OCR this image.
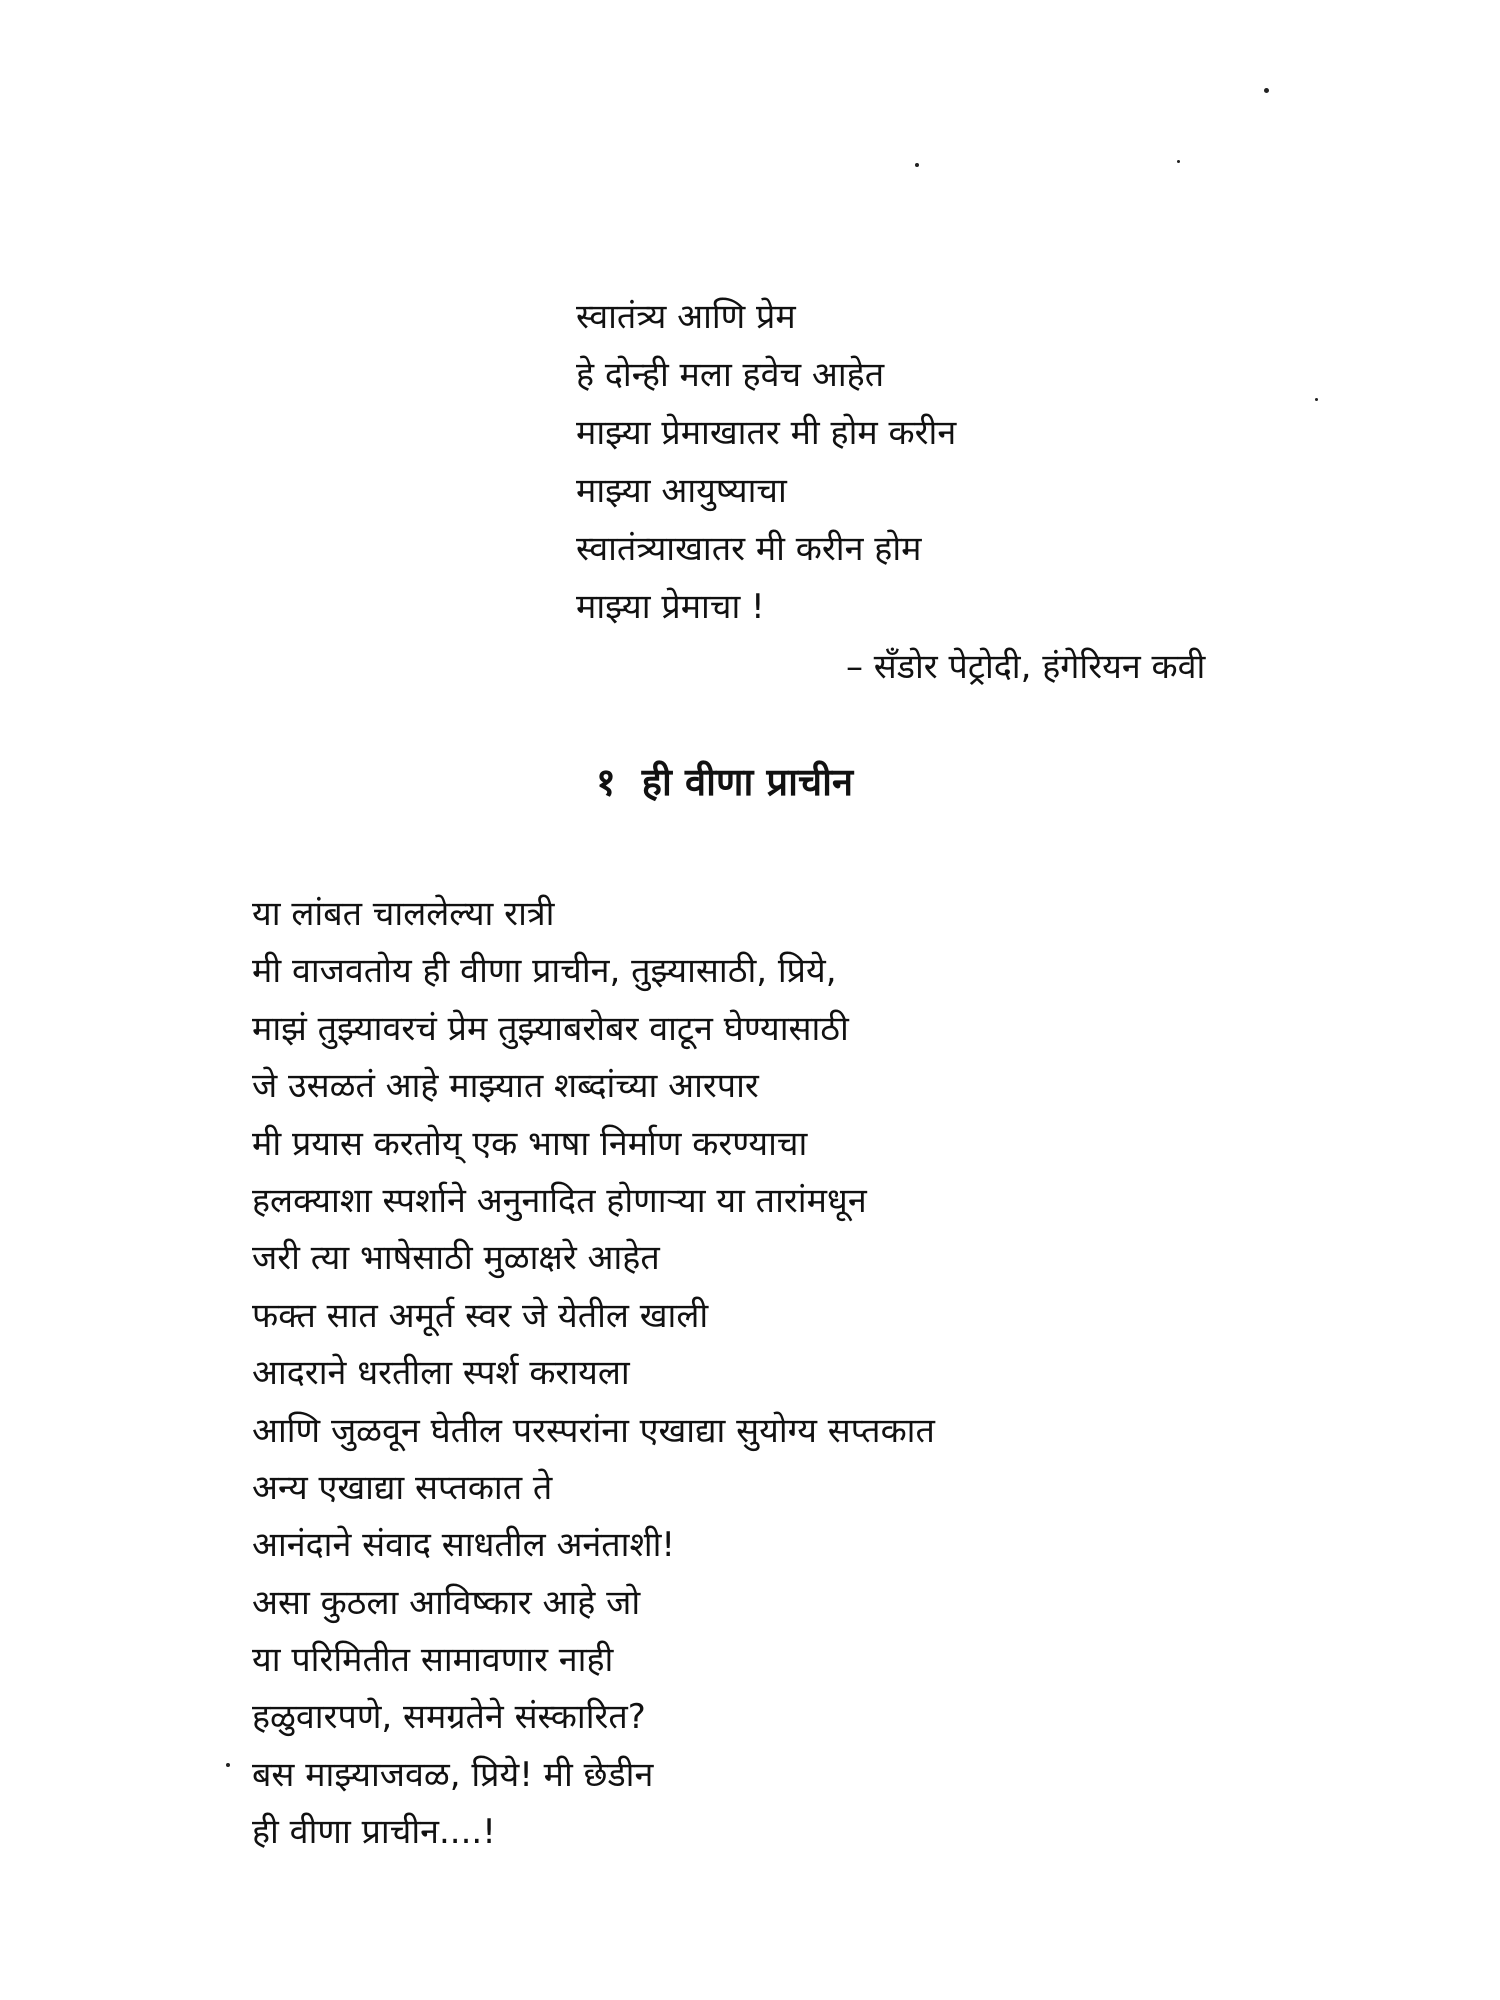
स्वातंत्र्य आणि प्रेम
हे दोन्ही मला हवेच आहेत
माझ्या प्रेमाखातर मी होम करीन
माझ्या आयुष्याचा
स्वातंत्र्याखातर मी करीन होम
माझ्या प्रेमाचा !
– सँडोर पेट्रोदी, हंगेरियन कवी
१ ही वीणा प्राचीन
या लांबत चाललेल्या रात्री
मी वाजवतोय ही वीणा प्राचीन, तुझ्यासाठी, प्रिये,
माझं तुझ्यावरचं प्रेम तुझ्याबरोबर वाटून घेण्यासाठी
जे उसळतं आहे माझ्यात शब्दांच्या आरपार
मी प्रयास करतोय् एक भाषा निर्माण करण्याचा
हलक्याशा स्पर्शाने अनुनादित होणाऱ्या या तारांमधून
जरी त्या भाषेसाठी मुळाक्षरे आहेत
फक्त सात अमूर्त स्वर जे येतील खाली
आदराने धरतीला स्पर्श करायला
आणि जुळवून घेतील परस्परांना एखाद्या सुयोग्य सप्तकात
अन्य एखाद्या सप्तकात ते
आनंदाने संवाद साधतील अनंताशी!
असा कुठला आविष्कार आहे जो
या परिमितीत सामावणार नाही
हळुवारपणे, समग्रतेने संस्कारित?
बस माझ्याजवळ, प्रिये! मी छेडीन
ही वीणा प्राचीन....!
